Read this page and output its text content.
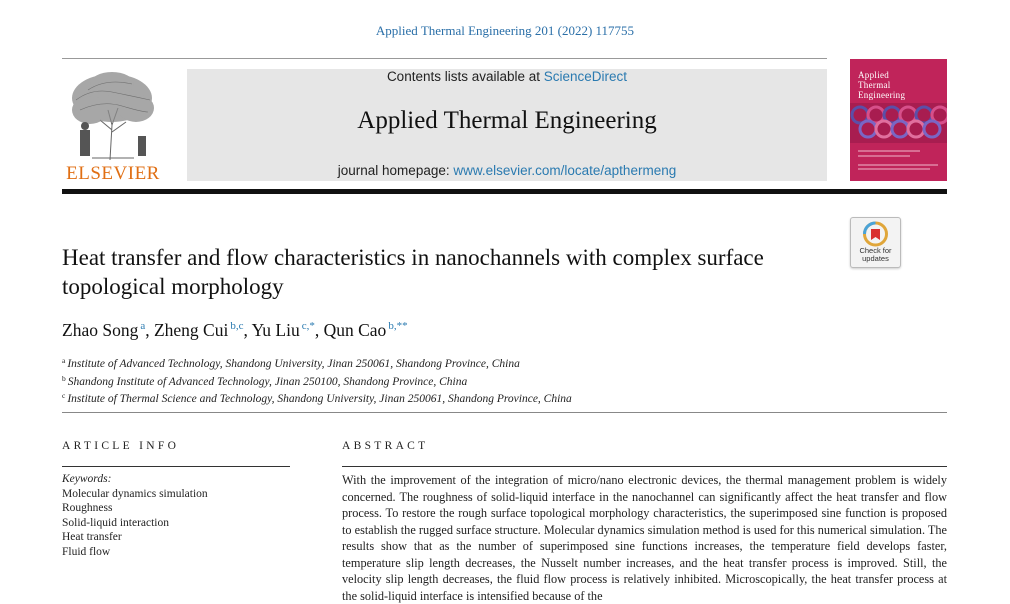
Applied Thermal Engineering 201 (2022) 117755
ELSEVIER
Contents lists available at ScienceDirect
Applied Thermal Engineering
journal homepage: www.elsevier.com/locate/apthermeng
Applied
Thermal
Engineering
Check for
updates
Heat transfer and flow characteristics in nanochannels with complex surface topological morphology
Zhao Song $^a$, Zheng Cui $^{b,c}$, Yu Liu $^{c,*}$, Qun Cao $^{b,**}$
$^a$ Institute of Advanced Technology, Shandong University, Jinan 250061, Shandong Province, China
$^b$ Shandong Institute of Advanced Technology, Jinan 250100, Shandong Province, China
$^c$ Institute of Thermal Science and Technology, Shandong University, Jinan 250061, Shandong Province, China
ARTICLE INFO
Keywords:
Molecular dynamics simulation
Roughness
Solid-liquid interaction
Heat transfer
Fluid flow
ABSTRACT
With the improvement of the integration of micro/nano electronic devices, the thermal management problem is widely concerned. The roughness of solid-liquid interface in the nanochannel can significantly affect the heat transfer and flow process. To restore the rough surface topological morphology characteristics, the superimposed sine function is proposed to establish the rugged surface structure. Molecular dynamics simulation method is used for this numerical simulation. The results show that as the number of superimposed sine functions increases, the temperature field develops faster, temperature slip length decreases, the Nusselt number increases, and the heat transfer process is improved. Still, the velocity slip length decreases, the fluid flow process is relatively inhibited. Microscopically, the heat transfer process at the solid-liquid interface is intensified because of the
